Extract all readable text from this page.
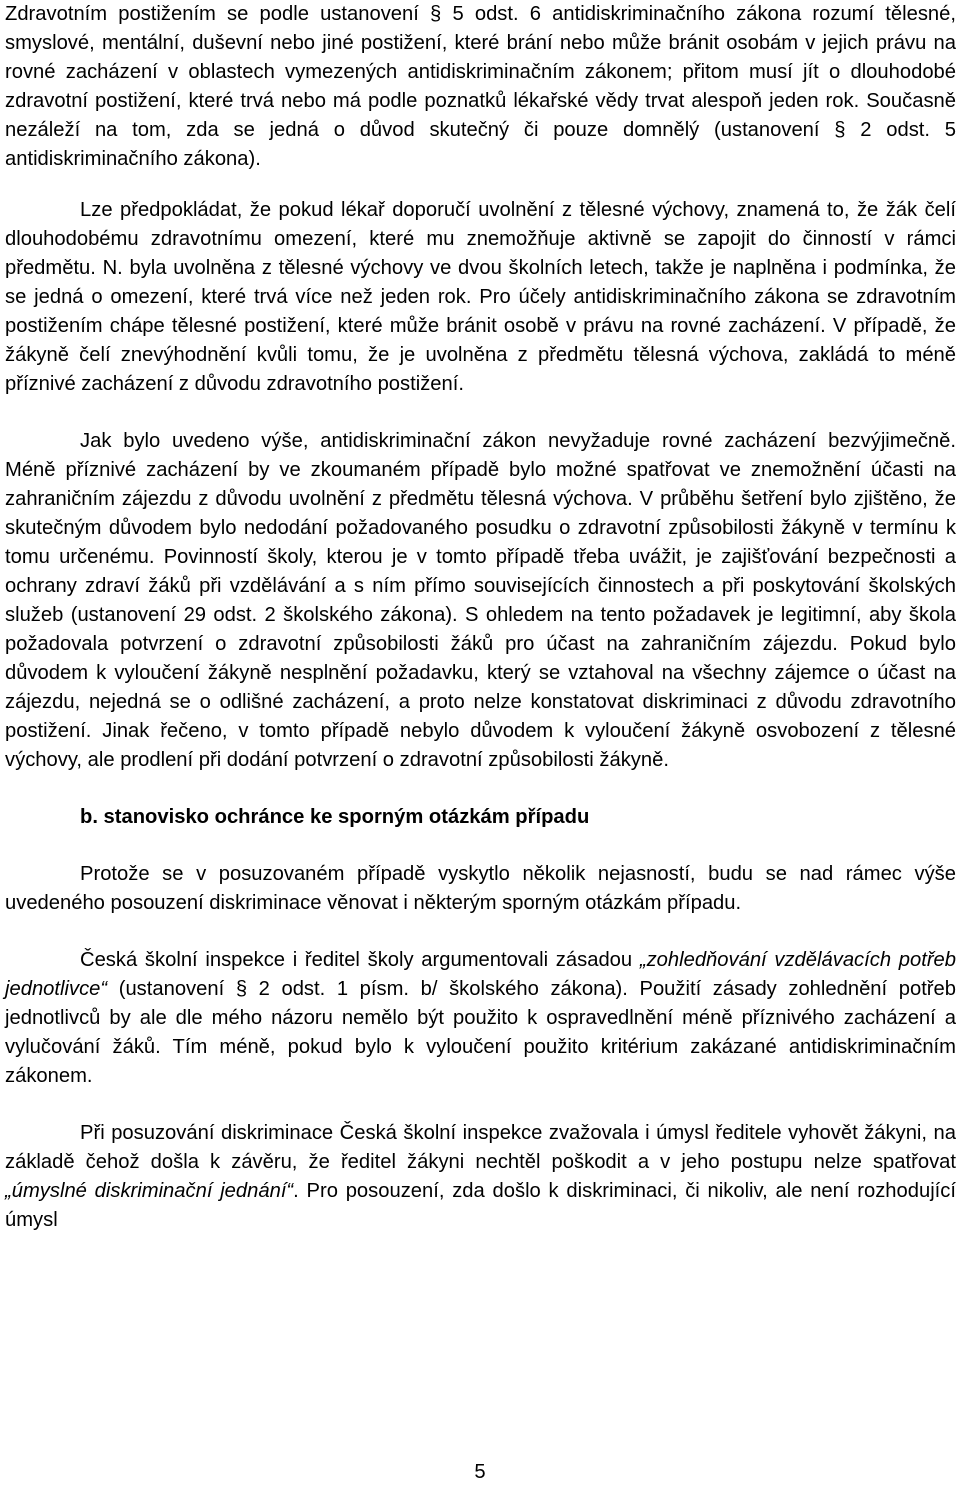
Zdravotním postižením se podle ustanovení § 5 odst. 6 antidiskriminačního zákona rozumí tělesné, smyslové, mentální, duševní nebo jiné postižení, které brání nebo může bránit osobám v jejich právu na rovné zacházení v oblastech vymezených antidiskriminačním zákonem; přitom musí jít o dlouhodobé zdravotní postižení, které trvá nebo má podle poznatků lékařské vědy trvat alespoň jeden rok. Současně nezáleží na tom, zda se jedná o důvod skutečný či pouze domnělý (ustanovení § 2 odst. 5 antidiskriminačního zákona).

Lze předpokládat, že pokud lékař doporučí uvolnění z tělesné výchovy, znamená to, že žák čelí dlouhodobému zdravotnímu omezení, které mu znemožňuje aktivně se zapojit do činností v rámci předmětu. N. byla uvolněna z tělesné výchovy ve dvou školních letech, takže je naplněna i podmínka, že se jedná o omezení, které trvá více než jeden rok. Pro účely antidiskriminačního zákona se zdravotním postižením chápe tělesné postižení, které může bránit osobě v právu na rovné zacházení. V případě, že žákyně čelí znevýhodnění kvůli tomu, že je uvolněna z předmětu tělesná výchova, zakládá to méně příznivé zacházení z důvodu zdravotního postižení.

Jak bylo uvedeno výše, antidiskriminační zákon nevyžaduje rovné zacházení bezvýjimečně. Méně příznivé zacházení by ve zkoumaném případě bylo možné spatřovat ve znemožnění účasti na zahraničním zájezdu z důvodu uvolnění z předmětu tělesná výchova. V průběhu šetření bylo zjištěno, že skutečným důvodem bylo nedodání požadovaného posudku o zdravotní způsobilosti žákyně v termínu k tomu určenému. Povinností školy, kterou je v tomto případě třeba uvážit, je zajišťování bezpečnosti a ochrany zdraví žáků při vzdělávání a s ním přímo souvisejících činnostech a při poskytování školských služeb (ustanovení 29 odst. 2 školského zákona). S ohledem na tento požadavek je legitimní, aby škola požadovala potvrzení o zdravotní způsobilosti žáků pro účast na zahraničním zájezdu. Pokud bylo důvodem k vyloučení žákyně nesplnění požadavku, který se vztahoval na všechny zájemce o účast na zájezdu, nejedná se o odlišné zacházení, a proto nelze konstatovat diskriminaci z důvodu zdravotního postižení. Jinak řečeno, v tomto případě nebylo důvodem k vyloučení žákyně osvobození z tělesné výchovy, ale prodlení při dodání potvrzení o zdravotní způsobilosti žákyně.

b. stanovisko ochránce ke sporným otázkám případu

Protože se v posuzovaném případě vyskytlo několik nejasností, budu se nad rámec výše uvedeného posouzení diskriminace věnovat i některým sporným otázkám případu.

Česká školní inspekce i ředitel školy argumentovali zásadou „zohledňování vzdělávacích potřeb jednotlivce“ (ustanovení § 2 odst. 1 písm. b/ školského zákona). Použití zásady zohlednění potřeb jednotlivců by ale dle mého názoru nemělo být použito k ospravedlnění méně příznivého zacházení a vylučování žáků. Tím méně, pokud bylo k vyloučení použito kritérium zakázané antidiskriminačním zákonem.

Při posuzování diskriminace Česká školní inspekce zvažovala i úmysl ředitele vyhovět žákyni, na základě čehož došla k závěru, že ředitel žákyni nechtěl poškodit a v jeho postupu nelze spatřovat „úmyslné diskriminační jednání“. Pro posouzení, zda došlo k diskriminaci, či nikoliv, ale není rozhodující úmysl

5
